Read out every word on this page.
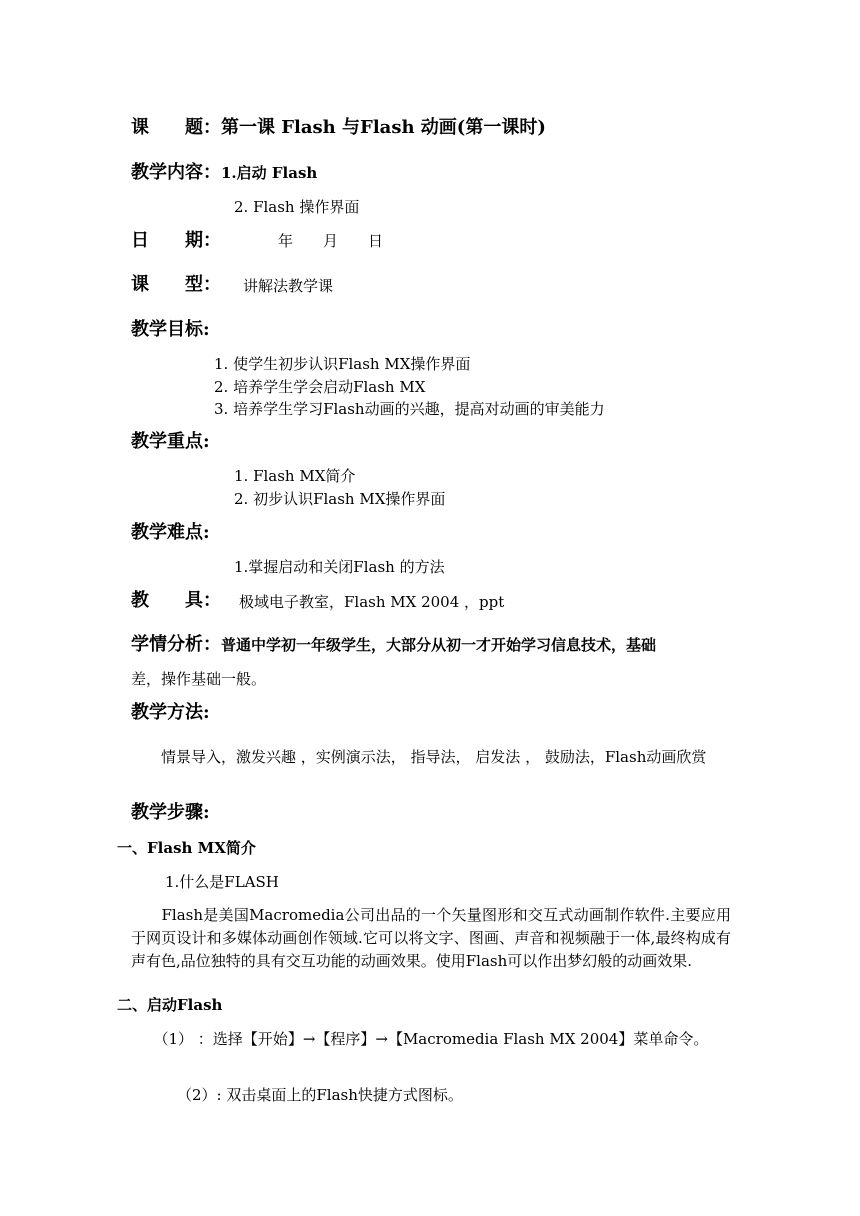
课　　题：第一课 Flash 与Flash 动画(第一课时)
教学内容：1.启动 Flash
2. Flash 操作界面
日　　期：	年　　月　　日
课　　型： 讲解法教学课
教学目标:
1. 使学生初步认识Flash MX操作界面
2. 培养学生学会启动Flash MX
3. 培养学生学习Flash动画的兴趣，提高对动画的审美能力
教学重点:
1. Flash MX简介
2. 初步认识Flash MX操作界面
教学难点:
1.掌握启动和关闭Flash 的方法
教　　具： 极域电子教室，Flash MX 2004 ，ppt
学情分析：普通中学初一年级学生，大部分从初一才开始学习信息技术，基础
差，操作基础一般。
教学方法:
　　情景导入，激发兴趣 ，实例演示法， 指导法， 启发法 ， 鼓励法，Flash动画欣赏
教学步骤:
一、Flash MX简介
1.什么是FLASH
　　Flash是美国Macromedia公司出品的一个矢量图形和交互式动画制作软件.主要应用于网页设计和多媒体动画创作领域.它可以将文字、图画、声音和视频融于一体,最终构成有声有色,品位独特的具有交互功能的动画效果。使用Flash可以作出梦幻般的动画效果.
二、启动Flash
　　（1） ：选择【开始】→【程序】→【Macromedia Flash MX 2004】菜单命令。
（2）: 双击桌面上的Flash快捷方式图标。
